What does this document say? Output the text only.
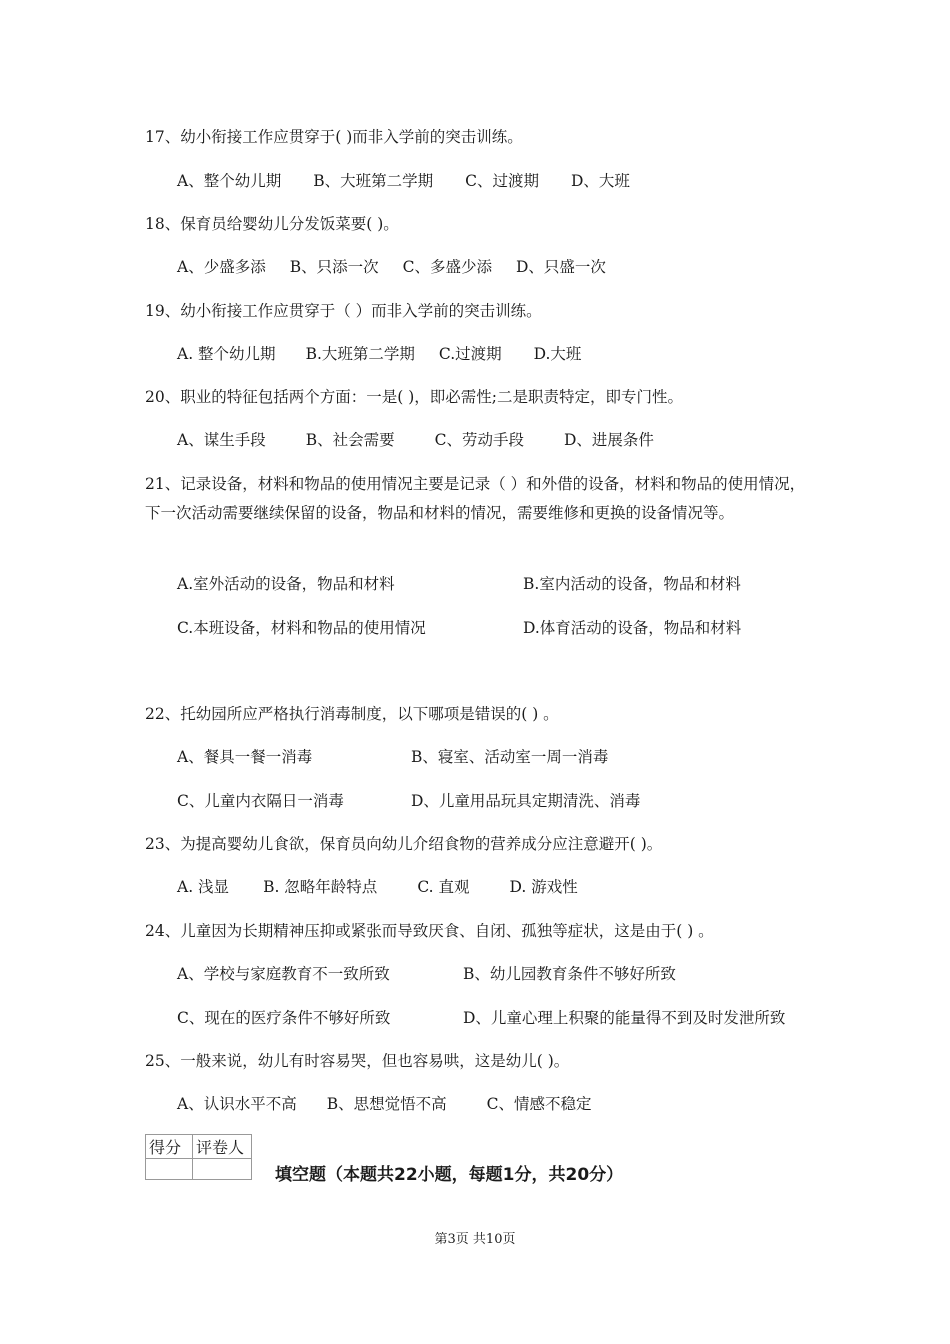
17、幼小衔接工作应贯穿于( )而非入学前的突击训练。
A、整个幼儿期 B、大班第二学期 C、过渡期 D、大班
18、保育员给婴幼儿分发饭菜要( )。
A、少盛多添 B、只添一次 C、多盛少添 D、只盛一次
19、幼小衔接工作应贯穿于（ ）而非入学前的突击训练。
A. 整个幼儿期 B.大班第二学期 C.过渡期 D.大班
20、职业的特征包括两个方面：一是( )，即必需性;二是职责特定，即专门性。
A、谋生手段	B、社会需要	C、劳动手段	D、进展条件
21、记录设备，材料和物品的使用情况主要是记录（ ）和外借的设备，材料和物品的使用情况，下一次活动需要继续保留的设备，物品和材料的情况，需要维修和更换的设备情况等。
A.室外活动的设备，物品和材料	B.室内活动的设备，物品和材料
C.本班设备，材料和物品的使用情况	D.体育活动的设备，物品和材料
22、托幼园所应严格执行消毒制度，以下哪项是错误的( ) 。
A、餐具一餐一消毒	B、寝室、活动室一周一消毒
C、儿童内衣隔日一消毒	D、儿童用品玩具定期清洗、消毒
23、为提高婴幼儿食欲，保育员向幼儿介绍食物的营养成分应注意避开( )。
A. 浅显 B. 忽略年龄特点	C. 直观	D. 游戏性
24、儿童因为长期精神压抑或紧张而导致厌食、自闭、孤独等症状，这是由于( ) 。
A、学校与家庭教育不一致所致	B、幼儿园教育条件不够好所致
C、现在的医疗条件不够好所致	D、儿童心理上积聚的能量得不到及时发泄所致
25、一般来说，幼儿有时容易哭，但也容易哄，这是幼儿( )。
A、认识水平不高 B、思想觉悟不高	C、情感不稳定
得分	评卷人

填空题（本题共22小题，每题1分，共20分）
第3页 共10页
